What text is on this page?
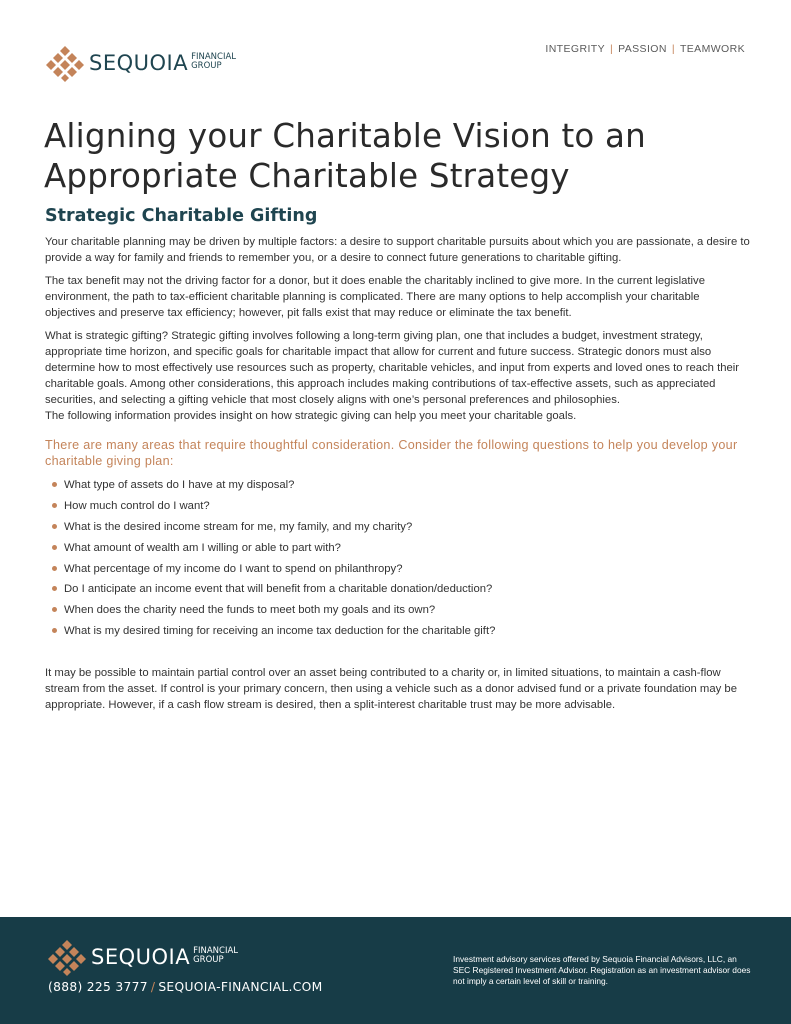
SEQUOIA FINANCIAL
GROUP
INTEGRITY | PASSION | TEAMWORK
Aligning your Charitable Vision to an Appropriate Charitable Strategy
Strategic Charitable Gifting

Your charitable planning may be driven by multiple factors: a desire to support charitable pursuits about which you are passionate, a desire to provide a way for family and friends to remember you, or a desire to connect future generations to charitable gifting.

The tax benefit may not the driving factor for a donor, but it does enable the charitably inclined to give more. In the current legislative environment, the path to tax-efficient charitable planning is complicated. There are many options to help accomplish your charitable objectives and preserve tax efficiency; however, pit falls exist that may reduce or eliminate the tax benefit.

What is strategic gifting? Strategic gifting involves following a long-term giving plan, one that includes a budget, investment strategy, appropriate time horizon, and specific goals for charitable impact that allow for current and future success. Strategic donors must also determine how to most effectively use resources such as property, charitable vehicles, and input from experts and loved ones to reach their charitable goals. Among other considerations, this approach includes making contributions of tax-effective assets, such as appreciated securities, and selecting a gifting vehicle that most closely aligns with one’s personal preferences and philosophies.

The following information provides insight on how strategic giving can help you meet your charitable goals.

There are many areas that require thoughtful consideration. Consider the following questions to help you develop your charitable giving plan:
What type of assets do I have at my disposal?
How much control do I want?
What is the desired income stream for me, my family, and my charity?
What amount of wealth am I willing or able to part with?
What percentage of my income do I want to spend on philanthropy?
Do I anticipate an income event that will benefit from a charitable donation/deduction?
When does the charity need the funds to meet both my goals and its own?
What is my desired timing for receiving an income tax deduction for the charitable gift?

It may be possible to maintain partial control over an asset being contributed to a charity or, in limited situations, to maintain a cash-flow stream from the asset. If control is your primary concern, then using a vehicle such as a donor advised fund or a private foundation may be appropriate. However, if a cash flow stream is desired, then a split-interest charitable trust may be more advisable.

(888) 225 3777 / SEQUOIA-FINANCIAL.COM
Investment advisory services offered by Sequoia Financial Advisors, LLC, an SEC Registered Investment Advisor. Registration as an investment advisor does not imply a certain level of skill or training.
SEQUOIA FINANCIAL
GROUP
